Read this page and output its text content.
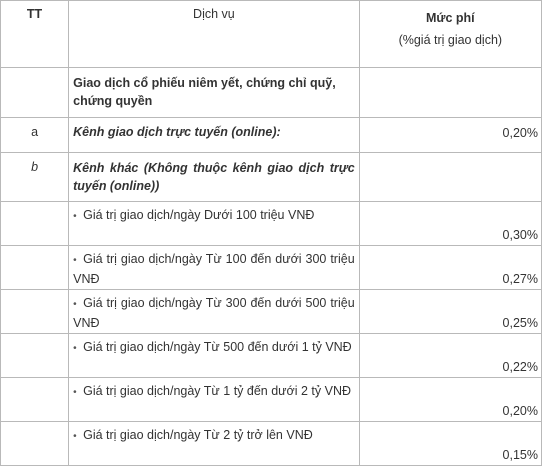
TT	Dịch vụ	Mức phí
(%giá trị giao dịch)

	Giao dịch cổ phiếu niêm yết, chứng chỉ quỹ, chứng quyền	
a	Kênh giao dịch trực tuyến (online):	0,20%
b	Kênh khác (Không thuộc kênh giao dịch trực tuyến (online))	
	• Giá trị giao dịch/ngày Dưới 100 triệu VNĐ	0,30%
	• Giá trị giao dịch/ngày Từ 100 đến dưới 300 triệu VNĐ	0,27%
	• Giá trị giao dịch/ngày Từ 300 đến dưới 500 triệu VNĐ	0,25%
	• Giá trị giao dịch/ngày Từ 500 đến dưới 1 tỷ VNĐ	0,22%
	• Giá trị giao dịch/ngày Từ 1 tỷ đến dưới 2 tỷ VNĐ	0,20%
	• Giá trị giao dịch/ngày Từ 2 tỷ trở lên VNĐ	0,15%
